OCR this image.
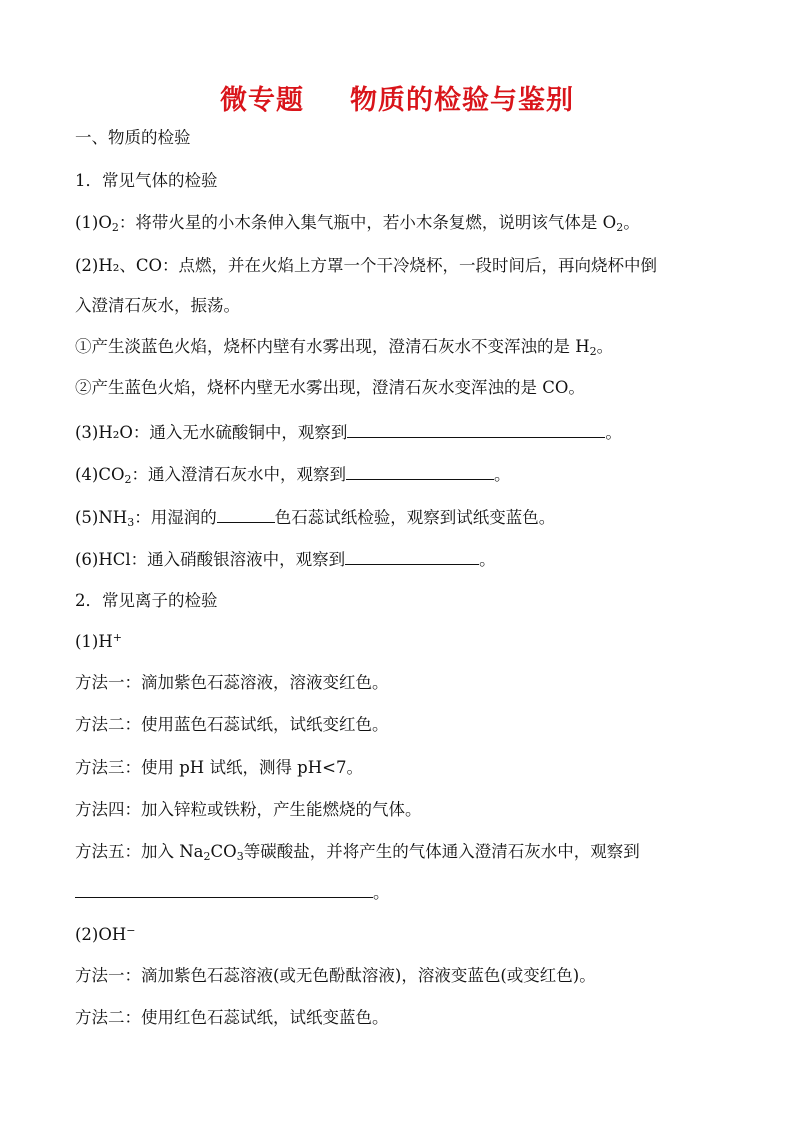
微专题 物质的检验与鉴别
一、物质的检验
1．常见气体的检验
$(1)O_2$：将带火星的小木条伸入集气瓶中，若小木条复燃，说明该气体是 $O_2$。
(2)H₂、CO：点燃，并在火焰上方罩一个干冷烧杯，一段时间后，再向烧杯中倒
入澄清石灰水，振荡。
①产生淡蓝色火焰，烧杯内壁有水雾出现，澄清石灰水不变浑浊的是 $H_2$。
②产生蓝色火焰，烧杯内壁无水雾出现，澄清石灰水变浑浊的是 CO。
(3)H₂O：通入无水硫酸铜中，观察到	。
$(4)CO_2$：通入澄清石灰水中，观察到	。
$(5)NH_3$：用湿润的	色石蕊试纸检验，观察到试纸变蓝色。
(6)HCl：通入硝酸银溶液中，观察到	。
2．常见离子的检验
(1)H+
方法一：滴加紫色石蕊溶液，溶液变红色。
方法二：使用蓝色石蕊试纸，试纸变红色。
方法三：使用 pH 试纸，测得 pH<7。
方法四：加入锌粒或铁粉，产生能燃烧的气体。
方法五：加入 $Na_2CO_3$等碳酸盐，并将产生的气体通入澄清石灰水中，观察到
。
(2)OH−
方法一：滴加紫色石蕊溶液(或无色酚酞溶液)，溶液变蓝色(或变红色)。
方法二：使用红色石蕊试纸，试纸变蓝色。
